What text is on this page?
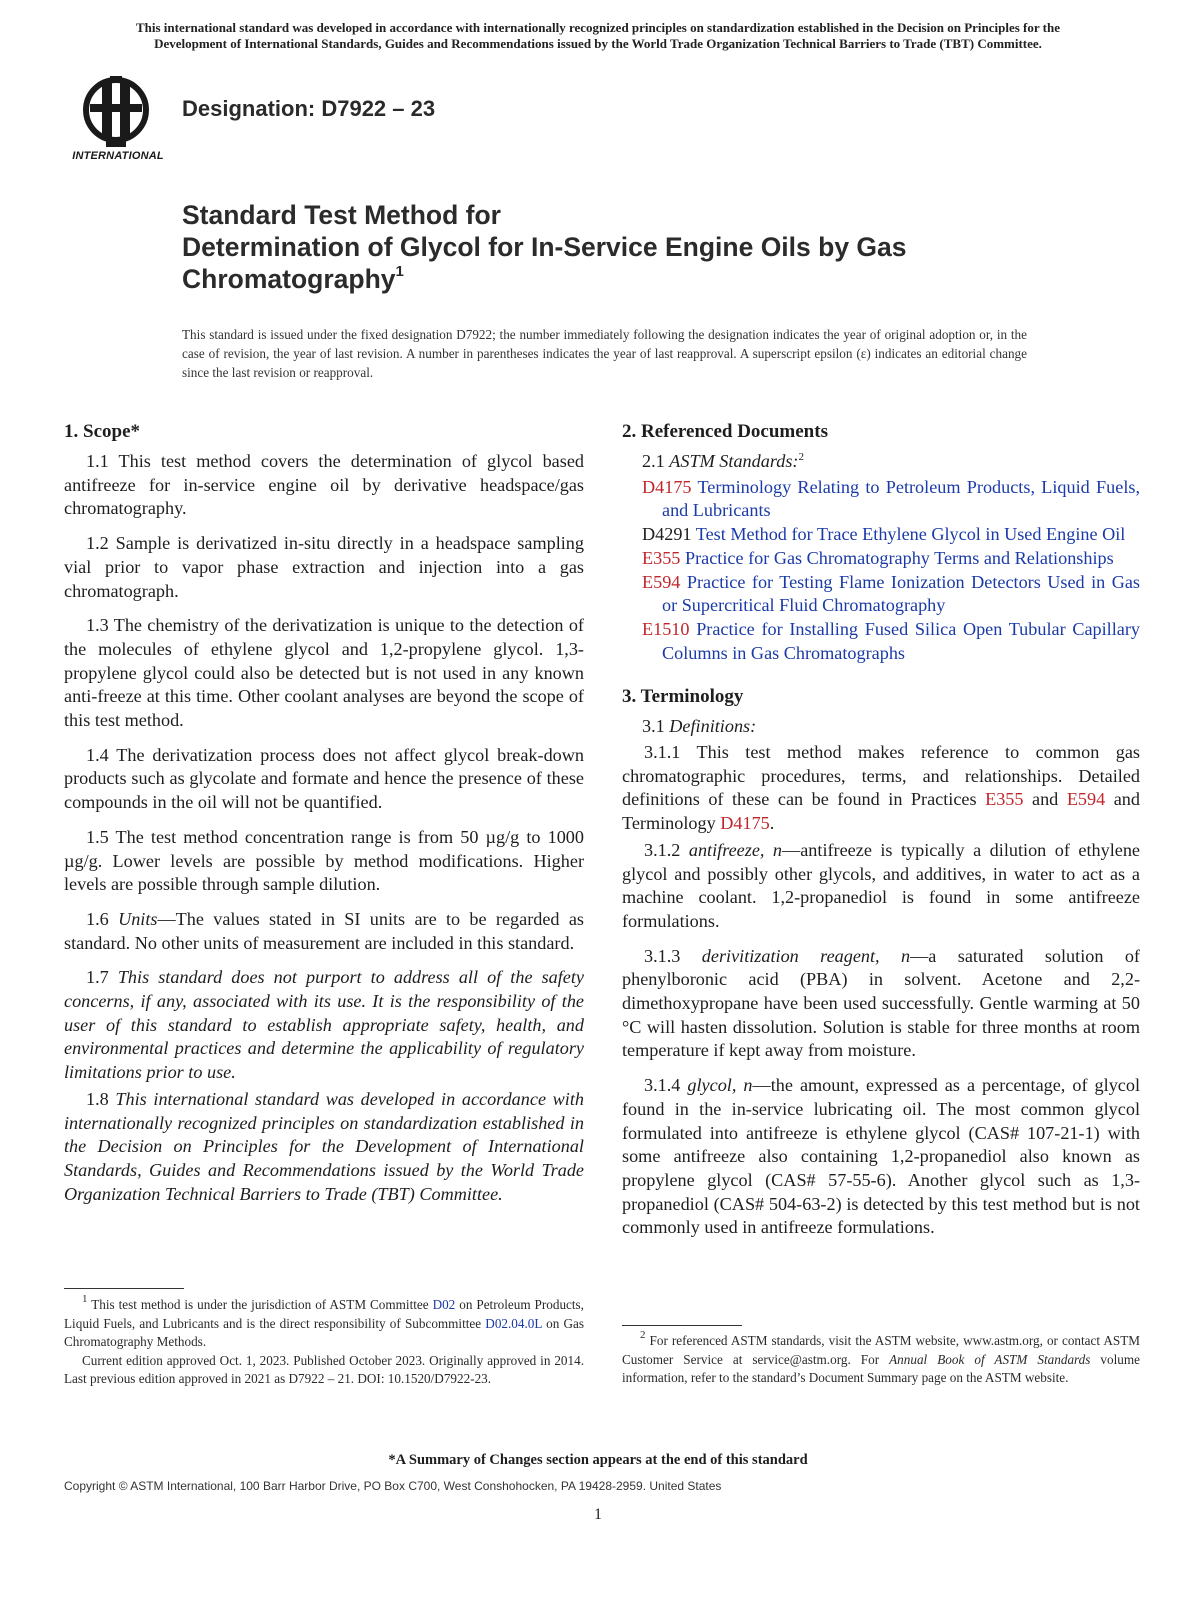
This international standard was developed in accordance with internationally recognized principles on standardization established in the Decision on Principles for the
Development of International Standards, Guides and Recommendations issued by the World Trade Organization Technical Barriers to Trade (TBT) Committee.
INTERNATIONAL
Designation: D7922 – 23
Standard Test Method for
Determination of Glycol for In-Service Engine Oils by Gas
Chromatography$^1$
This standard is issued under the fixed designation D7922; the number immediately following the designation indicates the year of original adoption or, in the case of revision, the year of last revision. A number in parentheses indicates the year of last reapproval. A superscript epsilon (ε) indicates an editorial change since the last revision or reapproval.
1. Scope*

1.1 This test method covers the determination of glycol based antifreeze for in-service engine oil by derivative headspace/gas chromatography.

1.2 Sample is derivatized in-situ directly in a headspace sampling vial prior to vapor phase extraction and injection into a gas chromatograph.

1.3 The chemistry of the derivatization is unique to the detection of the molecules of ethylene glycol and 1,2-propylene glycol. 1,3-propylene glycol could also be detected but is not used in any known anti-freeze at this time. Other coolant analyses are beyond the scope of this test method.

1.4 The derivatization process does not affect glycol break-down products such as glycolate and formate and hence the presence of these compounds in the oil will not be quantified.

1.5 The test method concentration range is from 50 µg/g to 1000 µg/g. Lower levels are possible by method modifications. Higher levels are possible through sample dilution.

1.6 Units—The values stated in SI units are to be regarded as standard. No other units of measurement are included in this standard.

1.7 This standard does not purport to address all of the safety concerns, if any, associated with its use. It is the responsibility of the user of this standard to establish appropriate safety, health, and environmental practices and determine the applicability of regulatory limitations prior to use.

1.8 This international standard was developed in accordance with internationally recognized principles on standardization established in the Decision on Principles for the Development of International Standards, Guides and Recommendations issued by the World Trade Organization Technical Barriers to Trade (TBT) Committee.

2. Referenced Documents

2.1 ASTM Standards:$^2$

D4175 Terminology Relating to Petroleum Products, Liquid Fuels, and Lubricants

D4291 Test Method for Trace Ethylene Glycol in Used Engine Oil

E355 Practice for Gas Chromatography Terms and Relationships

E594 Practice for Testing Flame Ionization Detectors Used in Gas or Supercritical Fluid Chromatography

E1510 Practice for Installing Fused Silica Open Tubular Capillary Columns in Gas Chromatographs

3. Terminology

3.1 Definitions:

3.1.1 This test method makes reference to common gas chromatographic procedures, terms, and relationships. Detailed definitions of these can be found in Practices E355 and E594 and Terminology D4175.

3.1.2 antifreeze, n—antifreeze is typically a dilution of ethylene glycol and possibly other glycols, and additives, in water to act as a machine coolant. 1,2-propanediol is found in some antifreeze formulations.

3.1.3 derivitization reagent, n—a saturated solution of phenylboronic acid (PBA) in solvent. Acetone and 2,2-dimethoxypropane have been used successfully. Gentle warming at 50 °C will hasten dissolution. Solution is stable for three months at room temperature if kept away from moisture.

3.1.4 glycol, n—the amount, expressed as a percentage, of glycol found in the in-service lubricating oil. The most common glycol formulated into antifreeze is ethylene glycol (CAS# 107-21-1) with some antifreeze also containing 1,2-propanediol also known as propylene glycol (CAS# 57-55-6). Another glycol such as 1,3-propanediol (CAS# 504-63-2) is detected by this test method but is not commonly used in antifreeze formulations.

$^1$ This test method is under the jurisdiction of ASTM Committee D02 on Petroleum Products, Liquid Fuels, and Lubricants and is the direct responsibility of Subcommittee D02.04.0L on Gas Chromatography Methods.

Current edition approved Oct. 1, 2023. Published October 2023. Originally approved in 2014. Last previous edition approved in 2021 as D7922 – 21. DOI: 10.1520/D7922-23.

$^2$ For referenced ASTM standards, visit the ASTM website, www.astm.org, or contact ASTM Customer Service at service@astm.org. For Annual Book of ASTM Standards volume information, refer to the standard’s Document Summary page on the ASTM website.

*A Summary of Changes section appears at the end of this standard
Copyright © ASTM International, 100 Barr Harbor Drive, PO Box C700, West Conshohocken, PA 19428-2959. United States
1
